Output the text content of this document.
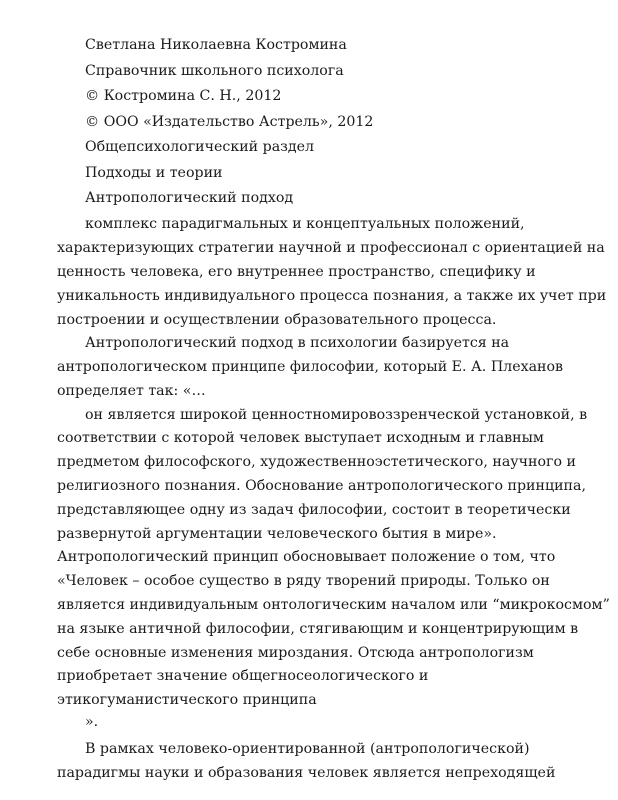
Светлана Николаевна Костромина

Справочник школьного психолога

© Костромина С. Н., 2012

© ООО «Издательство Астрель», 2012

Общепсихологический раздел

Подходы и теории

Антропологический подход

комплекс парадигмальных и концептуальных положений,

характеризующих стратегии научной и профессионал с ориентацией на

ценность человека, его внутреннее пространство, специфику и

уникальность индивидуального процесса познания, а также их учет при

построении и осуществлении образовательного процесса.

Антропологический подход в психологии базируется на

антропологическом принципе философии, который Е. А. Плеханов

определяет так: «…

он является широкой ценностномировоззренческой установкой, в

соответствии с которой человек выступает исходным и главным

предметом философского, художественноэстетического, научного и

религиозного познания. Обоснование антропологического принципа,

представляющее одну из задач философии, состоит в теоретически

развернутой аргументации человеческого бытия в мире».

Антропологический принцип обосновывает положение о том, что

«Человек – особое существо в ряду творений природы. Только он

является индивидуальным онтологическим началом или “микрокосмом”

на языке античной философии, стягивающим и концентрирующим в

себе основные изменения мироздания. Отсюда антропологизм

приобретает значение общегносеологического и

этикогуманистического принципа

».

В рамках человеко-ориентированной (антропологической)

парадигмы науки и образования человек является непреходящей
